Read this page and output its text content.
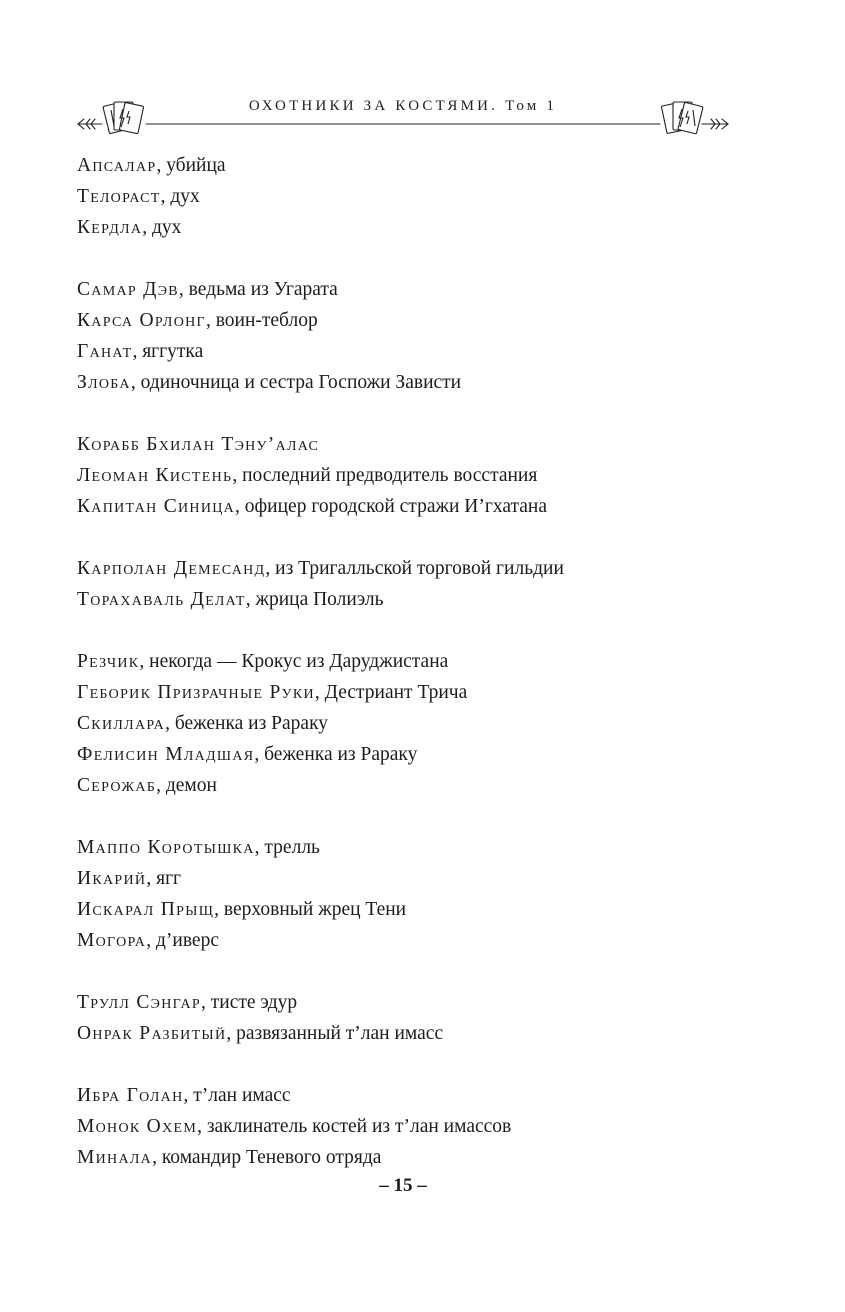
ОХОТНИКИ ЗА КОСТЯМИ. Том 1
Апсалар, убийца
Телораст, дух
Кердла, дух
Самар Дэв, ведьма из Угарата
Карса Орлонг, воин-теблор
Ганат, яггутка
Злоба, одиночница и сестра Госпожи Зависти
Корабб Бхилан Тэну’алас
Леоман Кистень, последний предводитель восстания
Капитан Синица, офицер городской стражи И’гхатана
Карполан Демесанд, из Тригалльской торговой гильдии
Торахаваль Делат, жрица Полиэль
Резчик, некогда — Крокус из Даруджистана
Геборик Призрачные Руки, Дестриант Трича
Скиллара, беженка из Рараку
Фелисин Младшая, беженка из Рараку
Серожаб, демон
Маппо Коротышка, трелль
Икарий, ягг
Искарал Прыщ, верховный жрец Тени
Могора, д’иверс
Трулл Сэнгар, тисте эдур
Онрак Разбитый, развязанный т’лан имасс
Ибра Голан, т’лан имасс
Монок Охем, заклинатель костей из т’лан имассов
Минала, командир Теневого отряда
– 15 –
